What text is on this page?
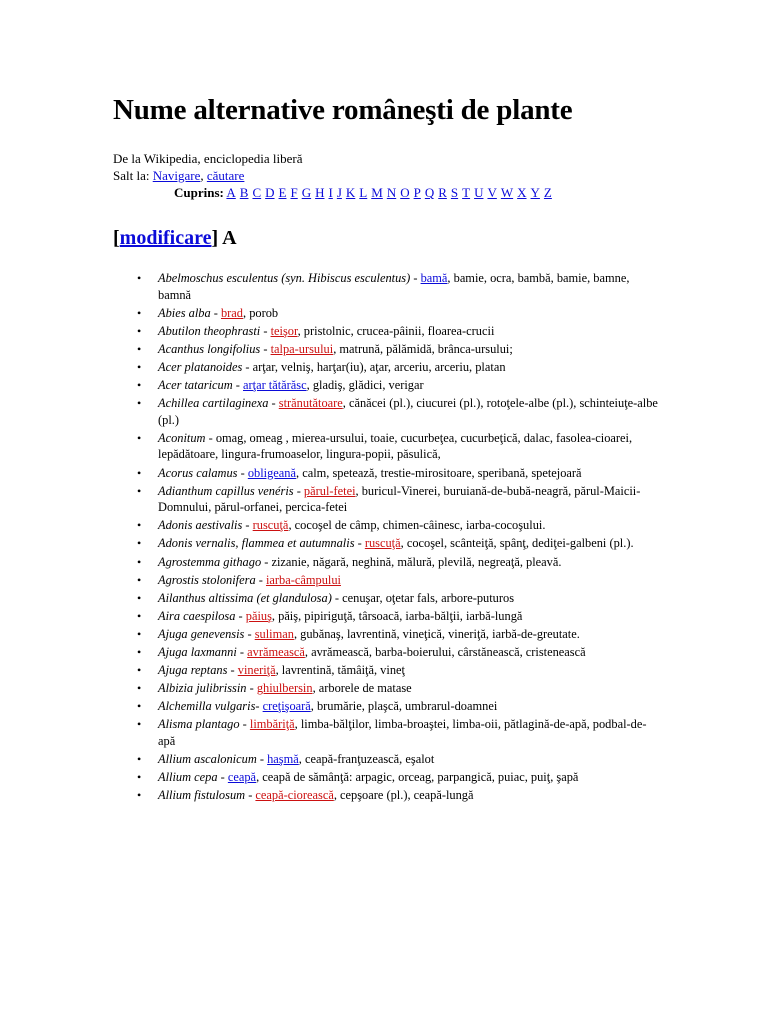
Nume alternative româneşti de plante
De la Wikipedia, enciclopedia liberă
Salt la: Navigare, căutare
Cuprins: A B C D E F G H I J K L M N O P Q R S T U V W X Y Z
[modificare] A
• Abelmoschus esculentus (syn. Hibiscus esculentus) - bamă, bamie, ocra, bambă, bamie, bamne, bamnă
• Abies alba - brad, porob
• Abutilon theophrasti - teişor, pristolnic, crucea-pâinii, floarea-crucii
• Acanthus longifolius - talpa-ursului, matrună, pălămidă, brânca-ursului;
• Acer platanoides - arţar, velniş, harţar(iu), aţar, arceriu, arceriu, platan
• Acer tataricum - arţar tătărăsc, gladiş, glădici, verigar
• Achillea cartilaginexa - strănutătoare, cănăcei (pl.), ciucurei (pl.), rotoţele-albe (pl.), schinteiuţe-albe (pl.)
• Aconitum - omag, omeag , mierea-ursului, toaie, cucurbeţea, cucurbeţică, dalac, fasolea-cioarei, lepădătoare, lingura-frumoaselor, lingura-popii, păsulică,
• Acorus calamus - obligeană, calm, spetează, trestie-mirositoare, speribană, spetejoară
• Adianthum capillus venéris - părul-fetei, buricul-Vinerei, buruiană-de-bubă-neagră, părul-Maicii-Domnului, părul-orfanei, percica-fetei
• Adonis aestivalis - ruscuţă, cocoşel de câmp, chimen-câinesc, iarba-cocoşului.
• Adonis vernalis, flammea et autumnalis - ruscuţă, cocoşel, scânteiţă, spânţ, dediţei-galbeni (pl.).
• Agrostemma githago - zizanie, năgară, neghină, mălură, plevilă, negreaţă, pleavă.
• Agrostis stolonifera - iarba-câmpului
• Ailanthus altissima (et glandulosa) - cenuşar, oţetar fals, arbore-puturos
• Aira caespilosa - păiuş, păiş, pipiriguţă, târsoacă, iarba-bălţii, iarbă-lungă
• Ajuga genevensis - suliman, gubănaş, lavrentină, vineţică, vineriţă, iarbă-de-greutate.
• Ajuga laxmanni - avrămească, avrămească, barba-boierului, cârstănească, cristenească
• Ajuga reptans - vineriţă, lavrentină, tămâiţă, vineţ
• Albizia julibrissin - ghiulbersin, arborele de matase
• Alchemilla vulgaris- creţişoară, brumărie, plaşcă, umbrarul-doamnei
• Alisma plantago - limbăriţă, limba-bălţilor, limba-broaştei, limba-oii, pătlagină-de-apă, podbal-de-apă
• Allium ascalonicum - haşmă, ceapă-franţuzească, eşalot
• Allium cepa - ceapă, ceapă de sămânţă: arpagic, orceag, parpangică, puiac, puiţ, şapă
• Allium fistulosum - ceapă-ciorească, cepşoare (pl.), ceapă-lungă
